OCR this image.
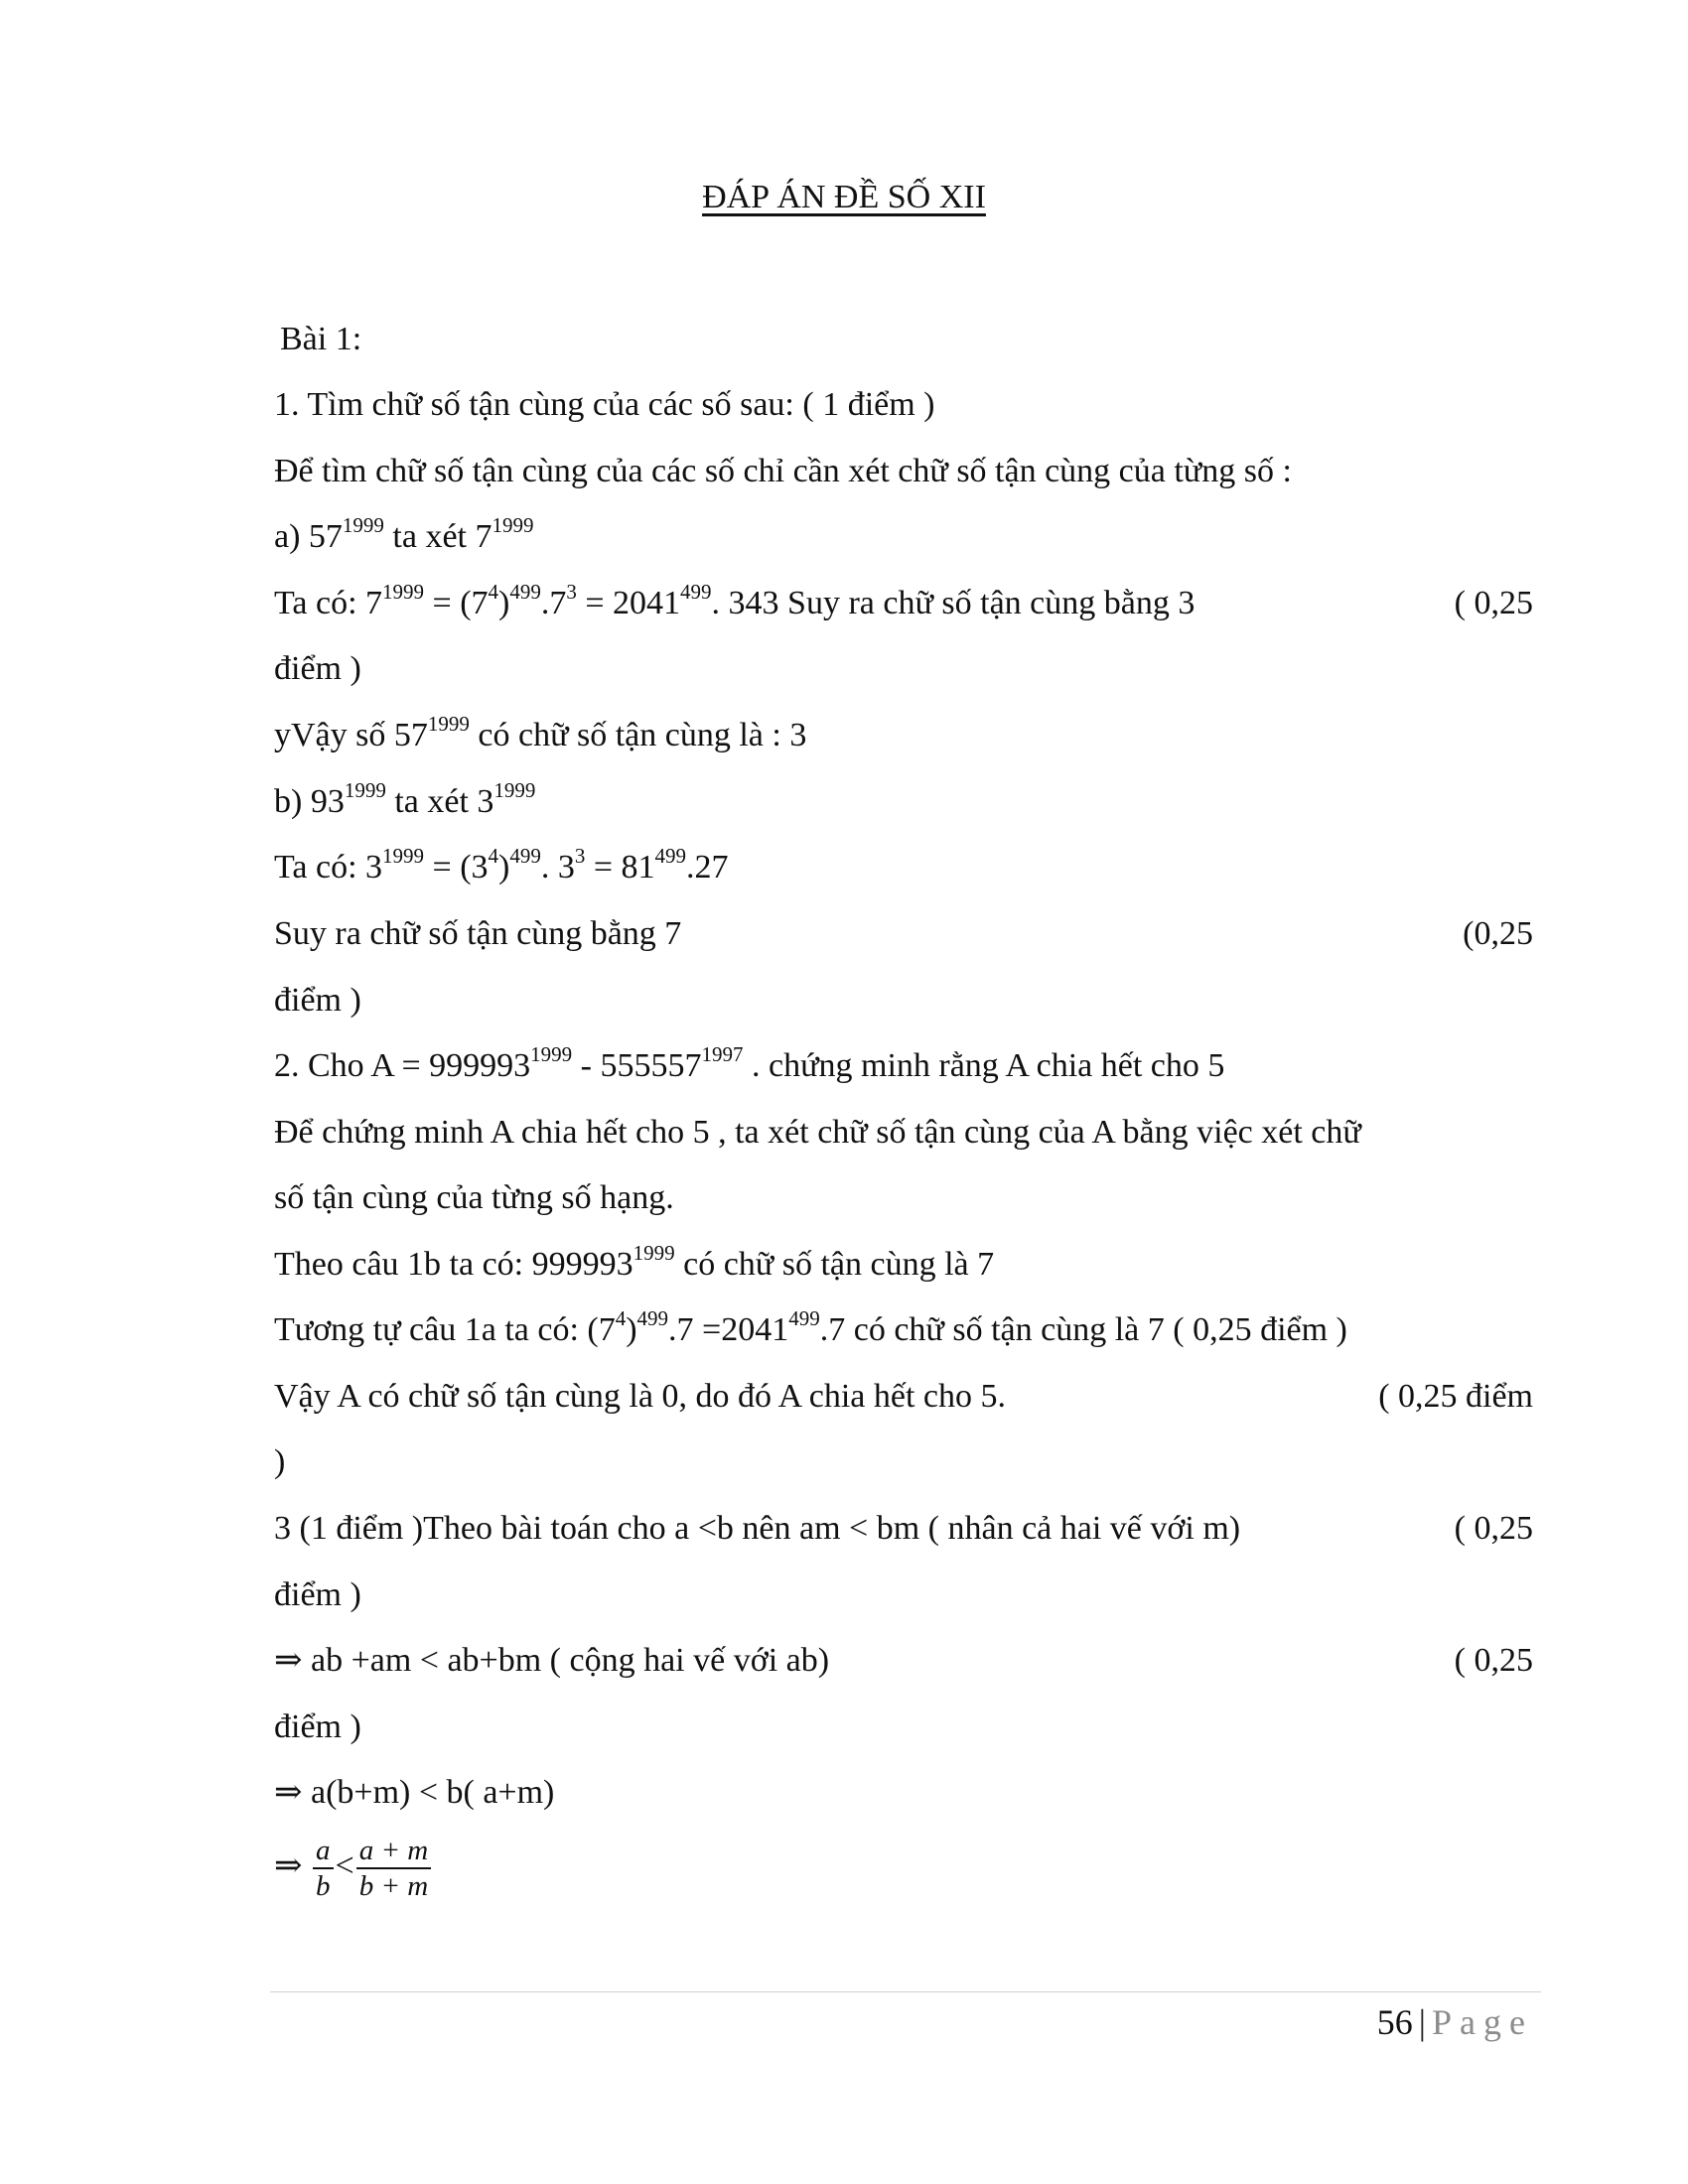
ĐÁP ÁN ĐỀ SỐ XII
Bài 1:
1. Tìm chữ số tận cùng của các số sau: ( 1 điểm )
Để tìm chữ số tận cùng của các số chỉ cần xét chữ số tận cùng của từng số :
a) $57^{1999}$ ta xét $7^{1999}$
Ta có: $7^{1999} = (7^4)^{499}.7^3 = 2041^{499}$. 343 Suy ra chữ số tận cùng bằng 3	( 0,25
điểm )
yVậy số $57^{1999}$ có chữ số tận cùng là : 3
b) $93^{1999}$ ta xét $3^{1999}$
Ta có: $3^{1999} = (3^4)^{499}$. $3^3 = 81^{499}.27$
Suy ra chữ số tận cùng bằng 7	(0,25
điểm )
2. Cho $A = 999993^{1999} - 555557^{1997}$ . chứng minh rằng A chia hết cho 5
Để chứng minh A chia hết cho 5 , ta xét chữ số tận cùng của A bằng việc xét chữ
số tận cùng của từng số hạng.
Theo câu 1b ta có: $999993^{1999}$ có chữ số tận cùng là 7
Tương tự câu 1a ta có: $(7^4)^{499}.7 =2041^{499}.7$ có chữ số tận cùng là 7 ( 0,25 điểm )
Vậy A có chữ số tận cùng là 0, do đó A chia hết cho 5.	( 0,25 điểm
)
3 (1 điểm )Theo bài toán cho a <b nên am < bm ( nhân cả hai vế với m)	( 0,25
điểm )
⇒ ab +am < ab+bm ( cộng hai vế với ab)	( 0,25
điểm )
⇒ a(b+m) < b( a+m)
⇒ $\frac{a}{b} < \frac{a + m}{b + m}$
56 | Page
